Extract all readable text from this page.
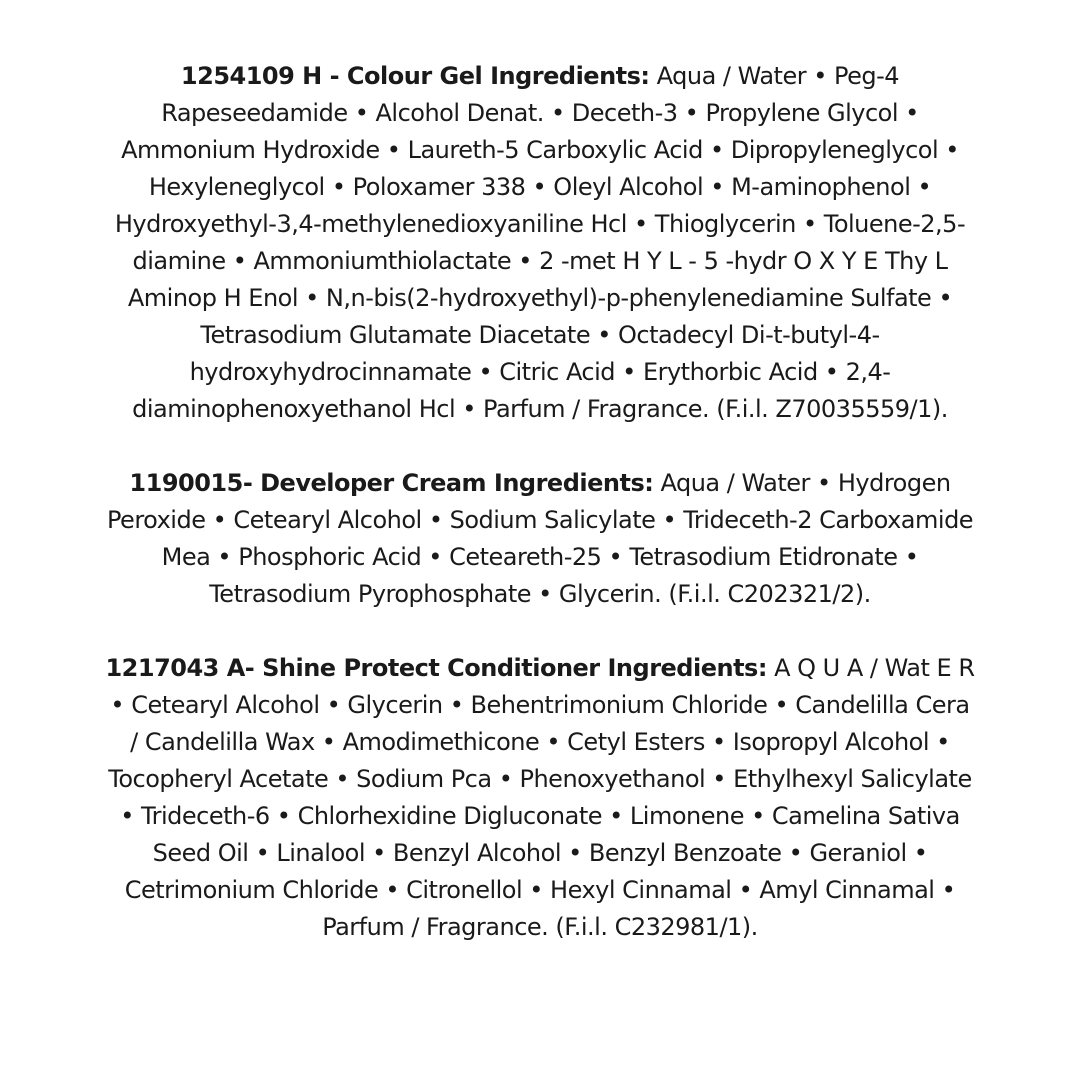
1254109 H - Colour Gel Ingredients: Aqua / Water • Peg-4 Rapeseedamide • Alcohol Denat. • Deceth-3 • Propylene Glycol • Ammonium Hydroxide • Laureth-5 Carboxylic Acid • Dipropyleneglycol • Hexyleneglycol • Poloxamer 338 • Oleyl Alcohol • M-aminophenol • Hydroxyethyl-3,4-methylenedioxyaniline Hcl • Thioglycerin • Toluene-2,5-diamine • Ammoniumthiolactate • 2 -met H Y L - 5 -hydr O X Y E Thy L Aminop H Enol • N,n-bis(2-hydroxyethyl)-p-phenylenediamine Sulfate • Tetrasodium Glutamate Diacetate • Octadecyl Di-t-butyl-4-hydroxyhydrocinnamate • Citric Acid • Erythorbic Acid • 2,4-diaminophenoxyethanol Hcl • Parfum / Fragrance. (F.i.l. Z70035559/1).

1190015- Developer Cream Ingredients: Aqua / Water • Hydrogen Peroxide • Cetearyl Alcohol • Sodium Salicylate • Trideceth-2 Carboxamide Mea • Phosphoric Acid • Ceteareth-25 • Tetrasodium Etidronate • Tetrasodium Pyrophosphate • Glycerin. (F.i.l. C202321/2).

1217043 A- Shine Protect Conditioner Ingredients: A Q U A / Wat E R • Cetearyl Alcohol • Glycerin • Behentrimonium Chloride • Candelilla Cera / Candelilla Wax • Amodimethicone • Cetyl Esters • Isopropyl Alcohol • Tocopheryl Acetate • Sodium Pca • Phenoxyethanol • Ethylhexyl Salicylate • Trideceth-6 • Chlorhexidine Digluconate • Limonene • Camelina Sativa Seed Oil • Linalool • Benzyl Alcohol • Benzyl Benzoate • Geraniol • Cetrimonium Chloride • Citronellol • Hexyl Cinnamal • Amyl Cinnamal • Parfum / Fragrance. (F.i.l. C232981/1).
